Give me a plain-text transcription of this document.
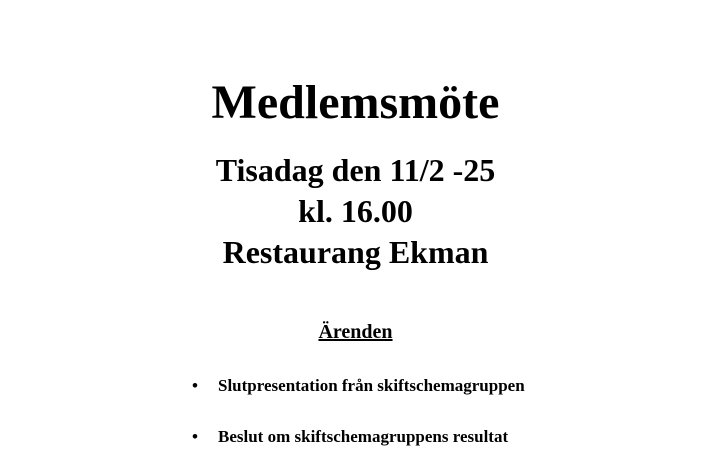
Medlemsmöte
Tisadag den 11/2 -25
kl. 16.00
Restaurang Ekman
Ärenden
• Slutpresentation från skiftschemagruppen
• Beslut om skiftschemagruppens resultat
